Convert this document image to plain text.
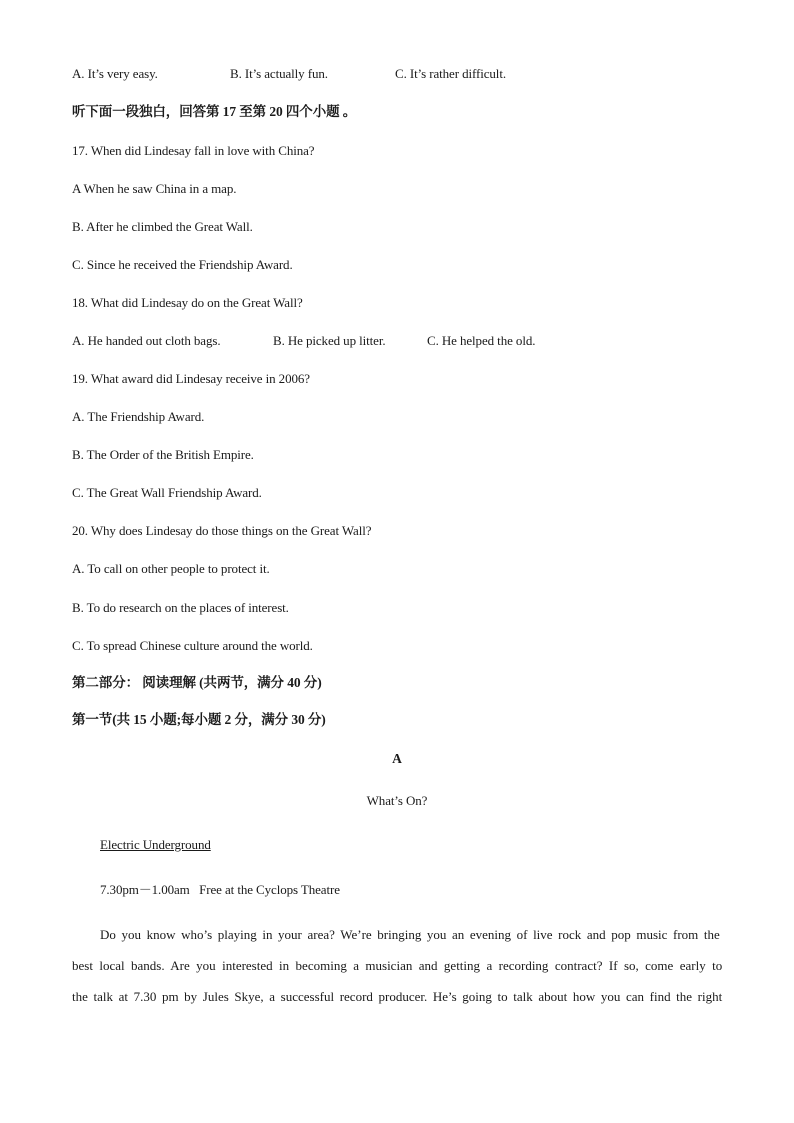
A. It’s very easy.	B. It’s actually fun.	C. It’s rather difficult.
听下面一段独白，回答第 17 至第 20 四个小题 。
17. When did Lindesay fall in love with China?
A When he saw China in a map.
B. After he climbed the Great Wall.
C. Since he received the Friendship Award.
18. What did Lindesay do on the Great Wall?
A. He handed out cloth bags.	B. He picked up litter.	C. He helped the old.
19. What award did Lindesay receive in 2006?
A. The Friendship Award.
B. The Order of the British Empire.
C. The Great Wall Friendship Award.
20. Why does Lindesay do those things on the Great Wall?
A. To call on other people to protect it.
B. To do research on the places of interest.
C. To spread Chinese culture around the world.
第二部分： 阅读理解 (共两节，满分 40 分)
第一节(共 15 小题;每小题 2 分，满分 30 分)
A
What’s On?
Electric Underground
7.30pm－1.00am   Free at the Cyclops Theatre
Do you know who’s playing in your area? We’re bringing you an evening of live rock and pop music from the
best local bands. Are you interested in becoming a musician and getting a recording contract? If so, come early to
the talk at 7.30 pm by Jules Skye, a successful record producer. He’s going to talk about how you can find the right
